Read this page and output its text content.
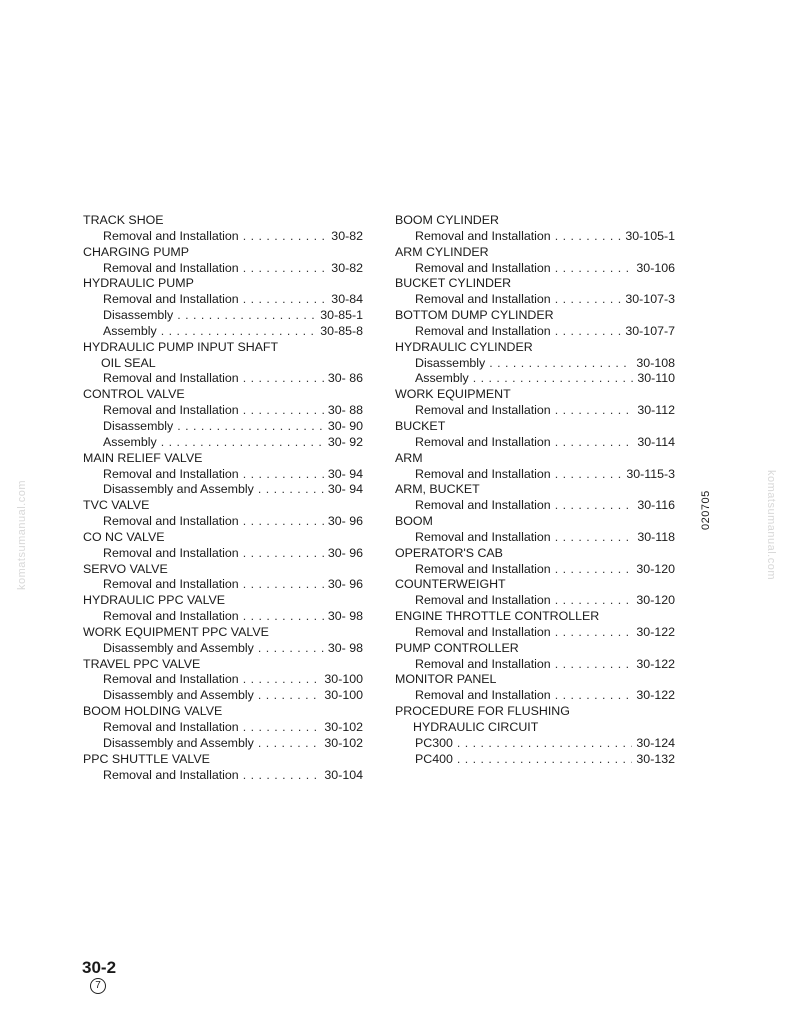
TRACK SHOE
Removal and Installation . . .	30-82
CHARGING PUMP
Removal and Installation . . .	30-82
HYDRAULIC PUMP
Removal and Installation . . .	30-84
Disassembly . . .	30-85-1
Assembly . . .	30-85-8
HYDRAULIC PUMP INPUT SHAFT
OIL SEAL
Removal and Installation . . .	30- 86
CONTROL VALVE
Removal and Installation . . .	30- 88
Disassembly . . .	30- 90
Assembly . . .	30- 92
MAIN RELIEF VALVE
Removal and Installation . . .	30- 94
Disassembly and Assembly . . .	30- 94
TVC VALVE
Removal and Installation . . .	30- 96
CO NC VALVE
Removal and Installation . . .	30- 96
SERVO VALVE
Removal and Installation . . .	30- 96
HYDRAULIC PPC VALVE
Removal and Installation . . .	30- 98
WORK EQUIPMENT PPC VALVE
Disassembly and Assembly . . .	30- 98
TRAVEL PPC VALVE
Removal and Installation . . .	30-100
Disassembly and Assembly . . .	30-100
BOOM HOLDING VALVE
Removal and Installation . . .	30-102
Disassembly and Assembly . . .	30-102
PPC SHUTTLE VALVE
Removal and Installation . . .	30-104
BOOM CYLINDER
Removal and Installation . . .	30-105-1
ARM CYLINDER
Removal and Installation . . .	30-106
BUCKET CYLINDER
Removal and Installation . . .	30-107-3
BOTTOM DUMP CYLINDER
Removal and Installation . . .	30-107-7
HYDRAULIC CYLINDER
Disassembly . . .	30-108
Assembly . . .	30-110
WORK EQUIPMENT
Removal and Installation . . .	30-112
BUCKET
Removal and Installation . . .	30-114
ARM
Removal and Installation . . .	30-115-3
ARM, BUCKET
Removal and Installation . . .	30-116
BOOM
Removal and Installation . . .	30-118
OPERATOR'S CAB
Removal and Installation . . .	30-120
COUNTERWEIGHT
Removal and Installation . . .	30-120
ENGINE THROTTLE CONTROLLER
Removal and Installation . . .	30-122
PUMP CONTROLLER
Removal and Installation . . .	30-122
MONITOR PANEL
Removal and Installation . . .	30-122
PROCEDURE FOR FLUSHING
HYDRAULIC CIRCUIT
PC300 . . .	30-124
PC400 . . .	30-132
30-2
7
020705
komatsumanual.com	komatsumanual.com
